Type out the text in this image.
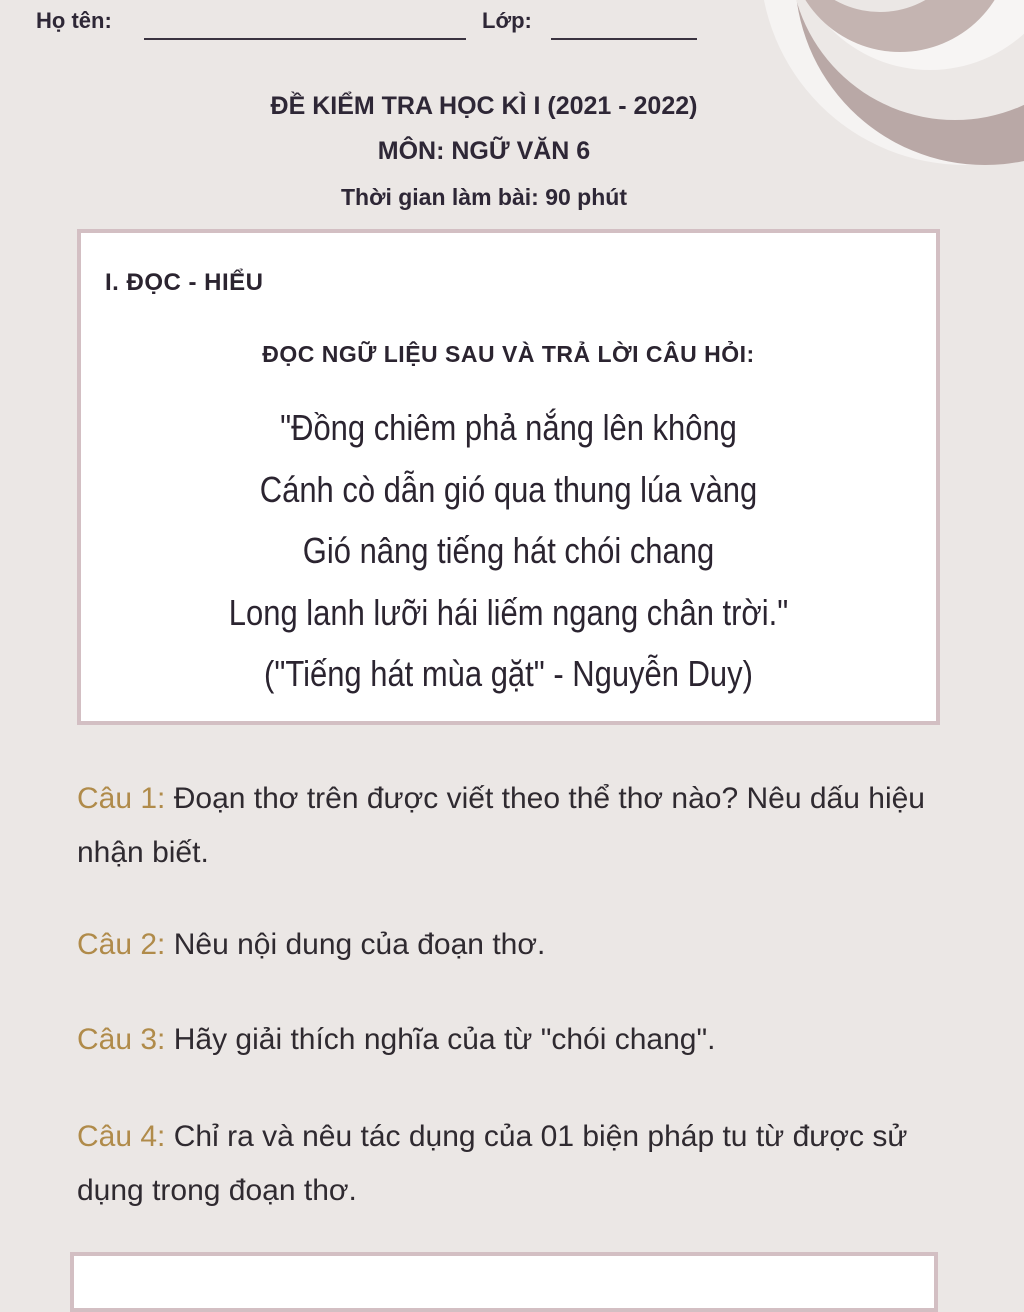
Họ tên:	Lớp:
ĐỀ KIỂM TRA HỌC KÌ I (2021 - 2022)
MÔN: NGỮ VĂN 6
Thời gian làm bài: 90 phút
I. ĐỌC - HIỂU
ĐỌC NGỮ LIỆU SAU VÀ TRẢ LỜI CÂU HỎI:
"Đồng chiêm phả nắng lên không
Cánh cò dẫn gió qua thung lúa vàng
Gió nâng tiếng hát chói chang
Long lanh lưỡi hái liếm ngang chân trời."
("Tiếng hát mùa gặt" - Nguyễn Duy)
Câu 1: Đoạn thơ trên được viết theo thể thơ nào? Nêu dấu hiệu nhận biết.
Câu 2: Nêu nội dung của đoạn thơ.
Câu 3: Hãy giải thích nghĩa của từ "chói chang".
Câu 4: Chỉ ra và nêu tác dụng của 01 biện pháp tu từ được sử dụng trong đoạn thơ.
